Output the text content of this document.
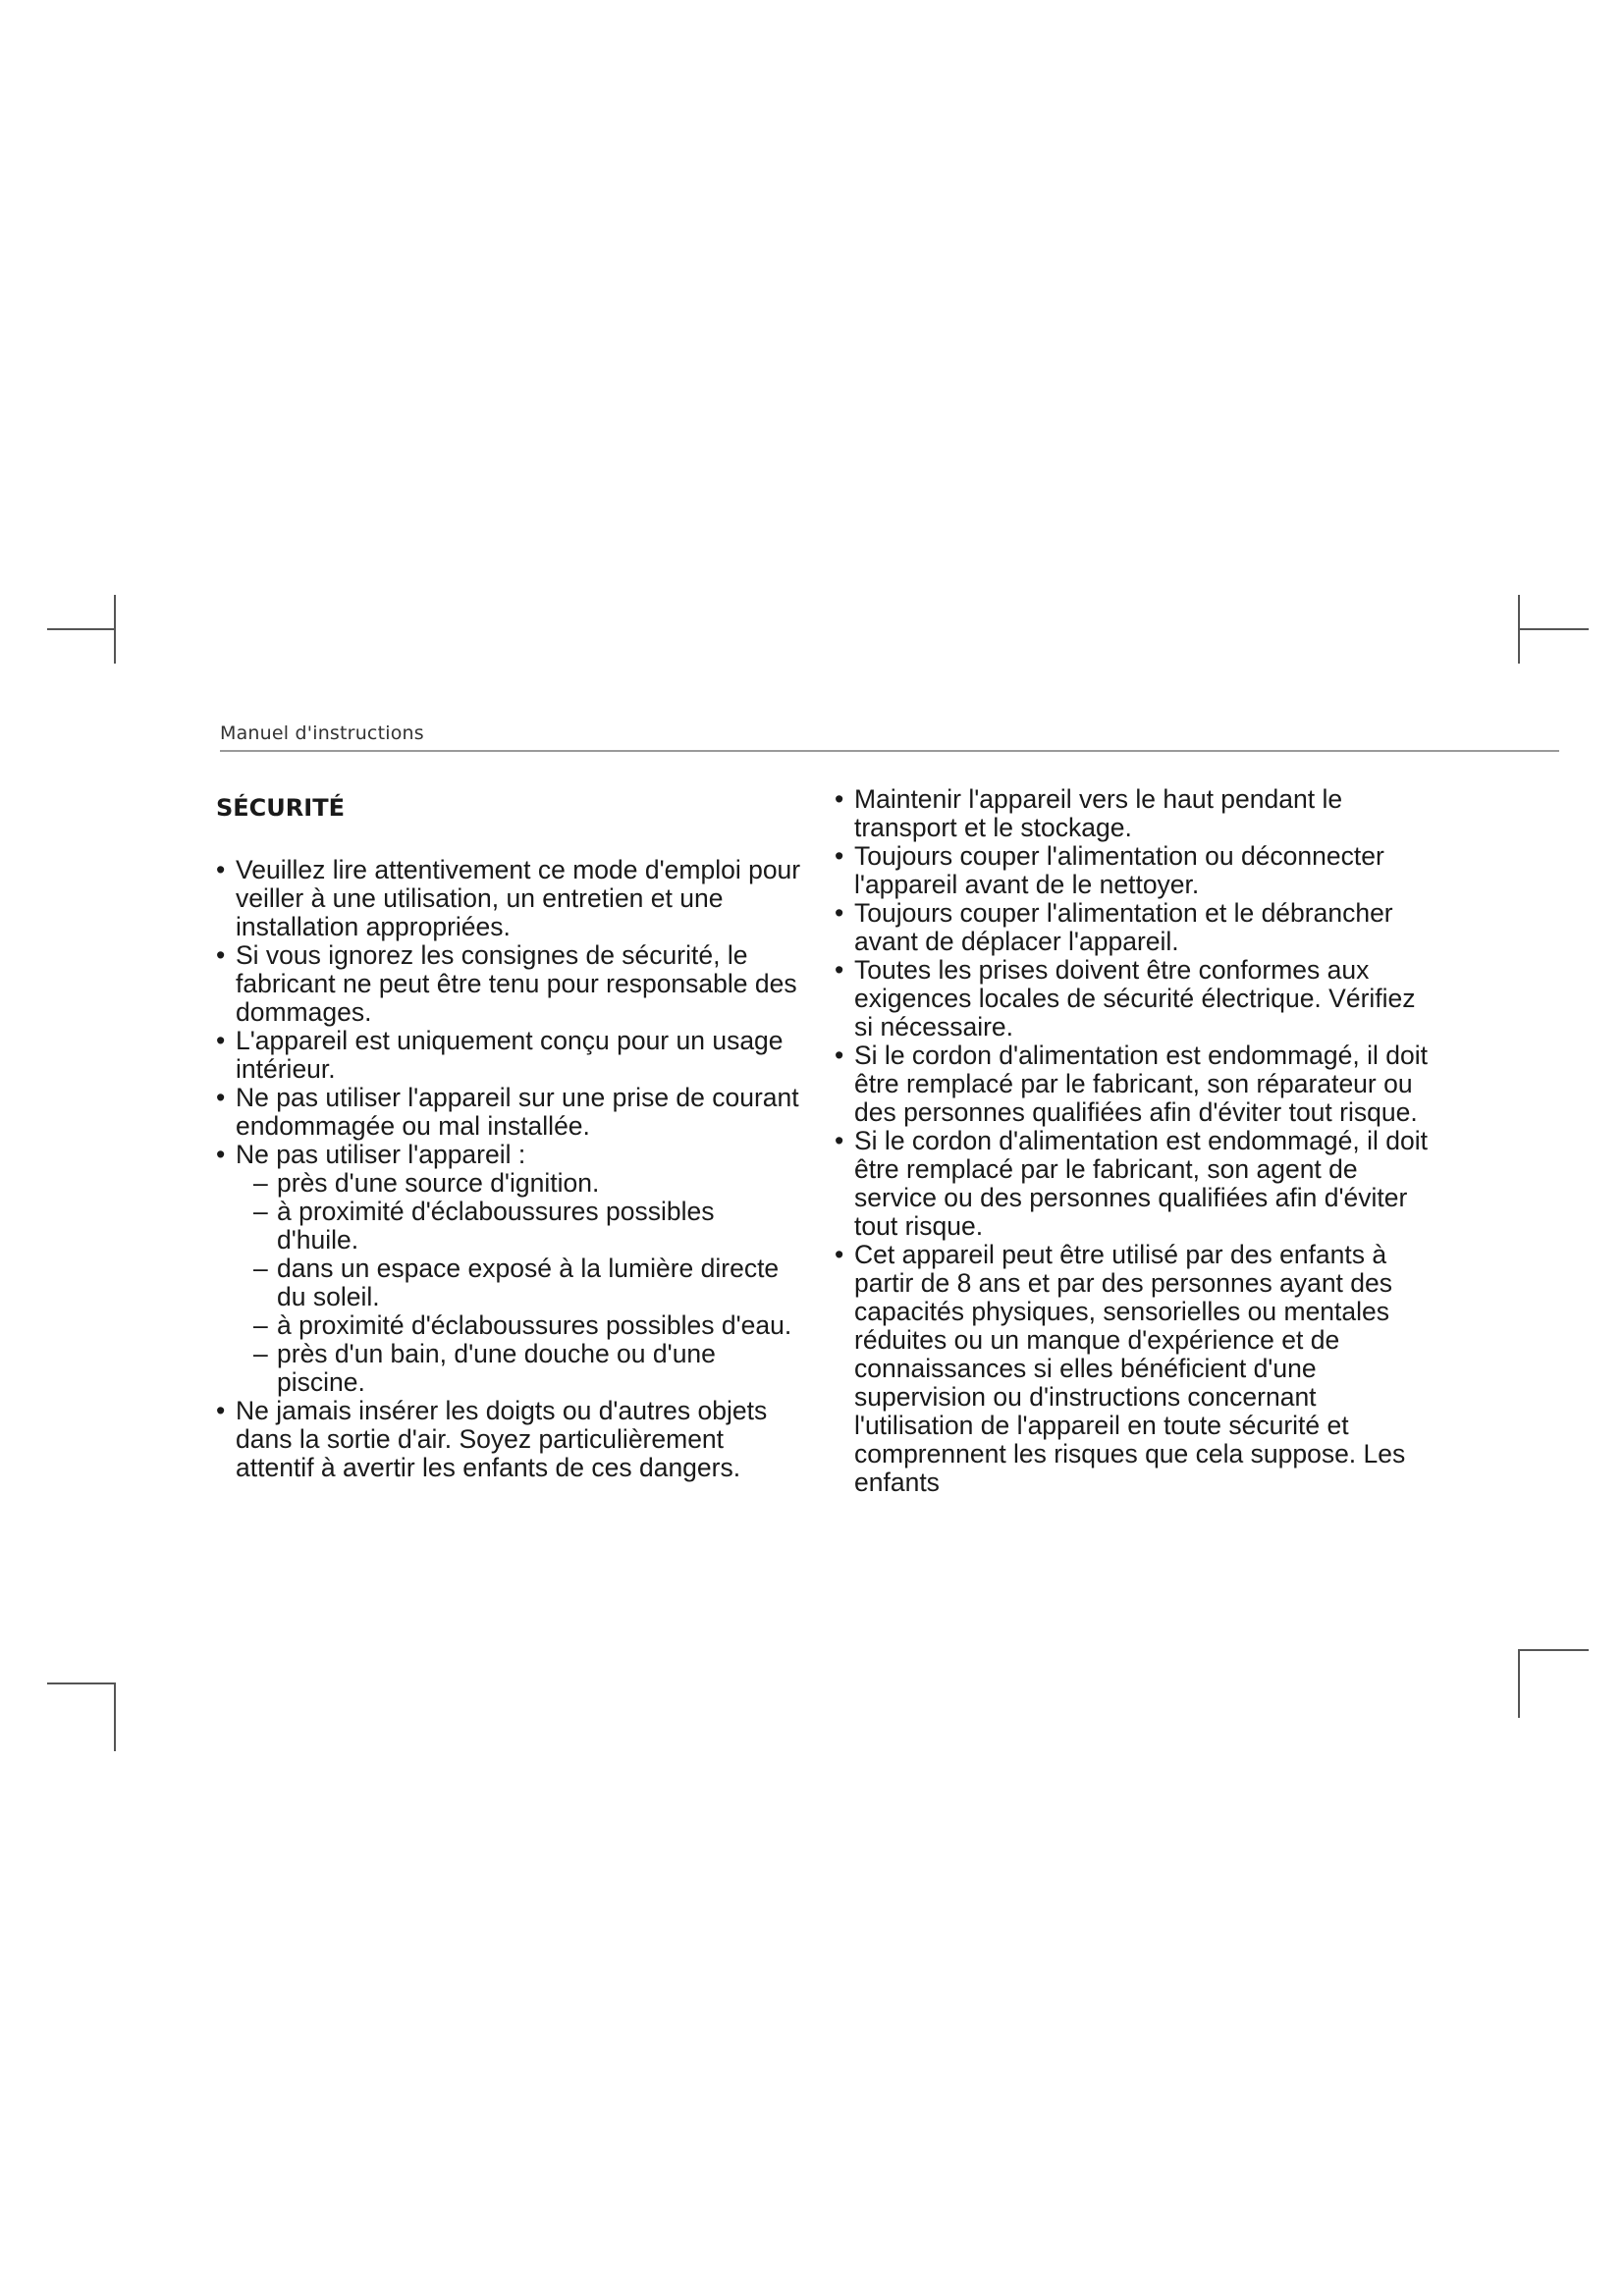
Manuel d'instructions
SÉCURITÉ
• Veuillez lire attentivement ce mode d'emploi pour veiller à une utilisation, un entretien et une installation appropriées.
• Si vous ignorez les consignes de sécurité, le fabricant ne peut être tenu pour responsable des dommages.
• L'appareil est uniquement conçu pour un usage intérieur.
• Ne pas utiliser l'appareil sur une prise de courant endommagée ou mal installée.
• Ne pas utiliser l'appareil :
– près d'une source d'ignition.
– à proximité d'éclaboussures possibles d'huile.
– dans un espace exposé à la lumière directe du soleil.
– à proximité d'éclaboussures possibles d'eau.
– près d'un bain, d'une douche ou d'une piscine.
• Ne jamais insérer les doigts ou d'autres objets dans la sortie d'air. Soyez particulièrement attentif à avertir les enfants de ces dangers.
• Maintenir l'appareil vers le haut pendant le transport et le stockage.
• Toujours couper l'alimentation ou déconnecter l'appareil avant de le nettoyer.
• Toujours couper l'alimentation et le débrancher avant de déplacer l'appareil.
• Toutes les prises doivent être conformes aux exigences locales de sécurité électrique. Vérifiez si nécessaire.
• Si le cordon d'alimentation est endommagé, il doit être remplacé par le fabricant, son réparateur ou des personnes qualifiées afin d'éviter tout risque.
• Si le cordon d'alimentation est endommagé, il doit être remplacé par le fabricant, son agent de service ou des personnes qualifiées afin d'éviter tout risque.
• Cet appareil peut être utilisé par des enfants à partir de 8 ans et par des personnes ayant des capacités physiques, sensorielles ou mentales réduites ou un manque d'expérience et de connaissances si elles bénéficient d'une supervision ou d'instructions concernant l'utilisation de l'appareil en toute sécurité et comprennent les risques que cela suppose. Les enfants
